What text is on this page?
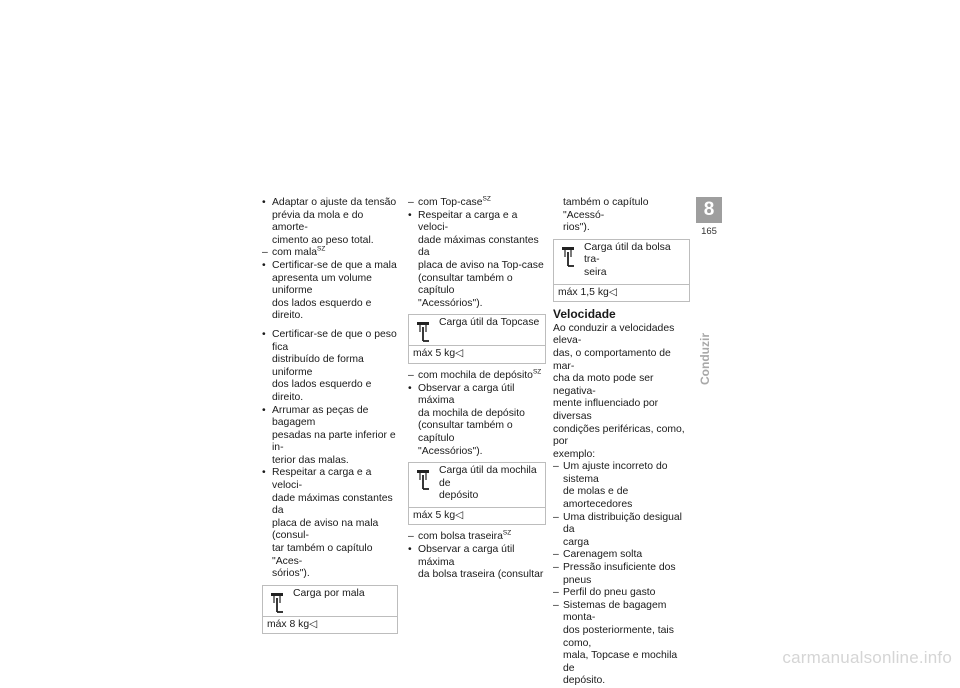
• Adaptar o ajuste da tensão
prévia da mola e do amorte-
cimento ao peso total.
– com mala$^{SZ}$
• Certificar-se de que a mala
apresenta um volume uniforme
dos lados esquerdo e direito.
• Certificar-se de que o peso fica
distribuído de forma uniforme
dos lados esquerdo e direito.
• Arrumar as peças de bagagem
pesadas na parte inferior e in-
terior das malas.
• Respeitar a carga e a veloci-
dade máximas constantes da
placa de aviso na mala (consul-
tar também o capítulo "Aces-
sórios").
Carga por mala
máx 8 kg◁
– com Top-case$^{SZ}$
• Respeitar a carga e a veloci-
dade máximas constantes da
placa de aviso na Top-case
(consultar também o capítulo
"Acessórios").
Carga útil da Topcase
máx 5 kg◁
– com mochila de depósito$^{SZ}$
• Observar a carga útil máxima
da mochila de depósito
(consultar também o capítulo
"Acessórios").
Carga útil da mochila de
depósito
máx 5 kg◁
– com bolsa traseira$^{SZ}$
• Observar a carga útil máxima
da bolsa traseira (consultar
também o capítulo "Acessó-
rios").
Carga útil da bolsa tra-
seira
máx 1,5 kg◁
Velocidade
Ao conduzir a velocidades eleva-
das, o comportamento de mar-
cha da moto pode ser negativa-
mente influenciado por diversas
condições periféricas, como, por
exemplo:
– Um ajuste incorreto do sistema
de molas e de amortecedores
– Uma distribuição desigual da
carga
– Carenagem solta
– Pressão insuficiente dos pneus
– Perfil do pneu gasto
– Sistemas de bagagem monta-
dos posteriormente, tais como,
mala, Topcase e mochila de
depósito.
8
165
Conduzir
carmanualsonline.info
